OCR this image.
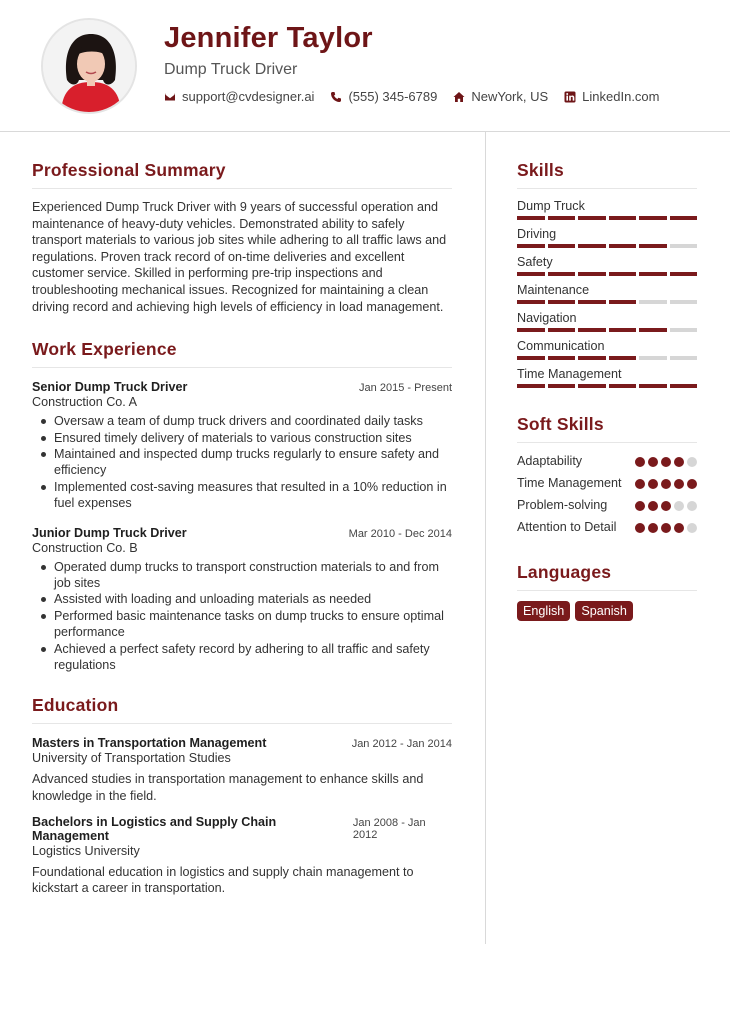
Jennifer Taylor
Dump Truck Driver
support@cvdesigner.ai	(555) 345-6789	NewYork, US	LinkedIn.com
Professional Summary

Experienced Dump Truck Driver with 9 years of successful operation and maintenance of heavy-duty vehicles. Demonstrated ability to safely transport materials to various job sites while adhering to all traffic laws and regulations. Proven track record of on-time deliveries and excellent customer service. Skilled in performing pre-trip inspections and troubleshooting mechanical issues. Recognized for maintaining a clean driving record and achieving high levels of efficiency in load management.

Work Experience
Senior Dump Truck Driver	Jan 2015 - Present
Construction Co. A
Oversaw a team of dump truck drivers and coordinated daily tasks
Ensured timely delivery of materials to various construction sites
Maintained and inspected dump trucks regularly to ensure safety and efficiency
Implemented cost-saving measures that resulted in a 10% reduction in fuel expenses
Junior Dump Truck Driver	Mar 2010 - Dec 2014
Construction Co. B
Operated dump trucks to transport construction materials to and from job sites
Assisted with loading and unloading materials as needed
Performed basic maintenance tasks on dump trucks to ensure optimal performance
Achieved a perfect safety record by adhering to all traffic and safety regulations
Education
Masters in Transportation Management	Jan 2012 - Jan 2014
University of Transportation Studies

Advanced studies in transportation management to enhance skills and knowledge in the field.

Bachelors in Logistics and Supply Chain Management
Jan 2008 - Jan 2012
Logistics University

Foundational education in logistics and supply chain management to kickstart a career in transportation.

Skills
Dump Truck
Driving
Safety
Maintenance
Navigation
Communication
Time Management
Soft Skills
Adaptability
Time Management
Problem-solving
Attention to Detail
Languages
English	Spanish
